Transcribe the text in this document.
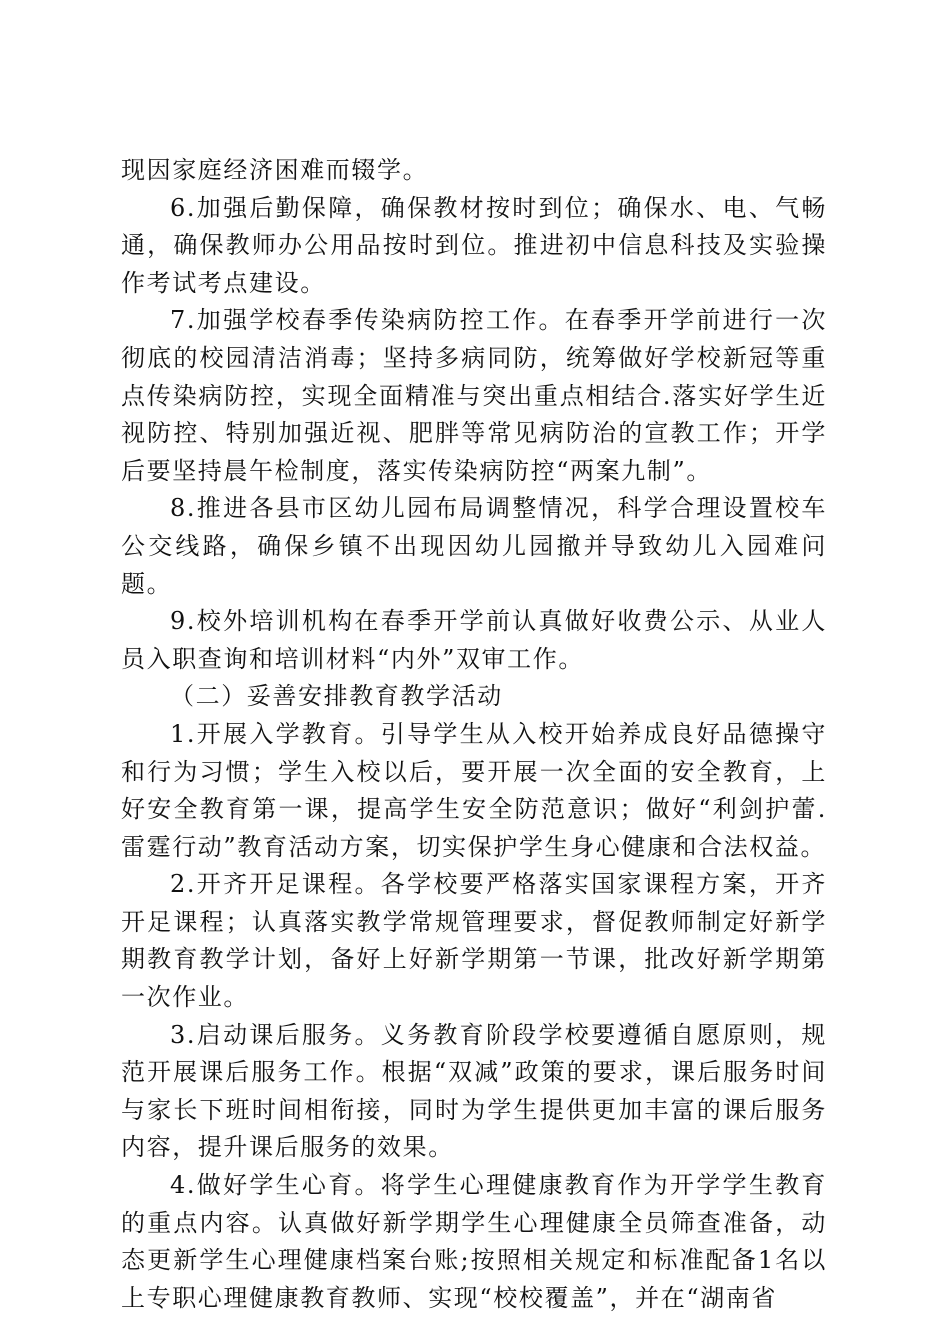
现因家庭经济困难而辍学。

6.加强后勤保障，确保教材按时到位；确保水、电、气畅通，确保教师办公用品按时到位。推进初中信息科技及实验操作考试考点建设。

7.加强学校春季传染病防控工作。在春季开学前进行一次彻底的校园清洁消毒；坚持多病同防，统筹做好学校新冠等重点传染病防控，实现全面精准与突出重点相结合.落实好学生近视防控、特别加强近视、肥胖等常见病防治的宣教工作；开学后要坚持晨午检制度，落实传染病防控“两案九制”。

8.推进各县市区幼儿园布局调整情况，科学合理设置校车公交线路，确保乡镇不出现因幼儿园撤并导致幼儿入园难问题。

9.校外培训机构在春季开学前认真做好收费公示、从业人员入职查询和培训材料“内外”双审工作。

（二）妥善安排教育教学活动

1.开展入学教育。引导学生从入校开始养成良好品德操守和行为习惯；学生入校以后，要开展一次全面的安全教育，上好安全教育第一课，提高学生安全防范意识；做好“利剑护蕾.雷霆行动”教育活动方案，切实保护学生身心健康和合法权益。

2.开齐开足课程。各学校要严格落实国家课程方案，开齐开足课程；认真落实教学常规管理要求，督促教师制定好新学期教育教学计划，备好上好新学期第一节课，批改好新学期第一次作业。

3.启动课后服务。义务教育阶段学校要遵循自愿原则，规范开展课后服务工作。根据“双减”政策的要求，课后服务时间与家长下班时间相衔接，同时为学生提供更加丰富的课后服务内容，提升课后服务的效果。

4.做好学生心育。将学生心理健康教育作为开学学生教育的重点内容。认真做好新学期学生心理健康全员筛查准备，动态更新学生心理健康档案台账;按照相关规定和标准配备1名以上专职心理健康教育教师、实现“校校覆盖”，并在“湖南省
